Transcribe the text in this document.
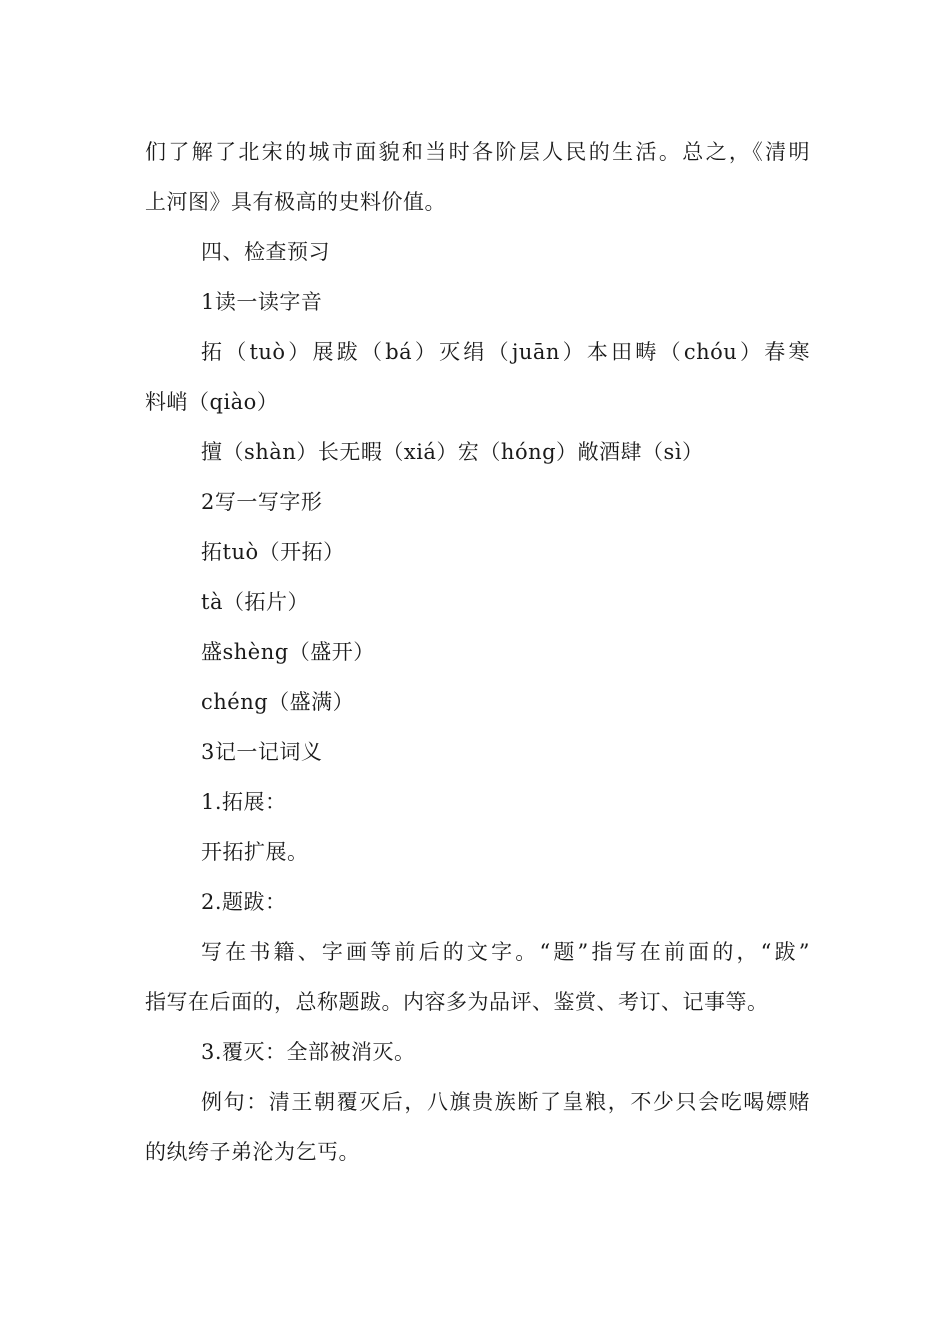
们了解了北宋的城市面貌和当时各阶层人民的生活。总之，《清明
上河图》具有极高的史料价值。
四、检查预习
1读一读字音
拓（tuò）展跋（bá）灭绢（juān）本田畴（chóu）春寒
料峭（qiào）
擅（shàn）长无暇（xiá）宏（hóng）敞酒肆（sì）
2写一写字形
拓tuò（开拓）
tà（拓片）
盛shèng（盛开）
chéng（盛满）
3记一记词义
1.拓展：
开拓扩展。
2.题跋：
写在书籍、字画等前后的文字。“题”指写在前面的，“跋”
指写在后面的，总称题跋。内容多为品评、鉴赏、考订、记事等。
3.覆灭：全部被消灭。
例句：清王朝覆灭后，八旗贵族断了皇粮，不少只会吃喝嫖赌
的纨绔子弟沦为乞丐。
